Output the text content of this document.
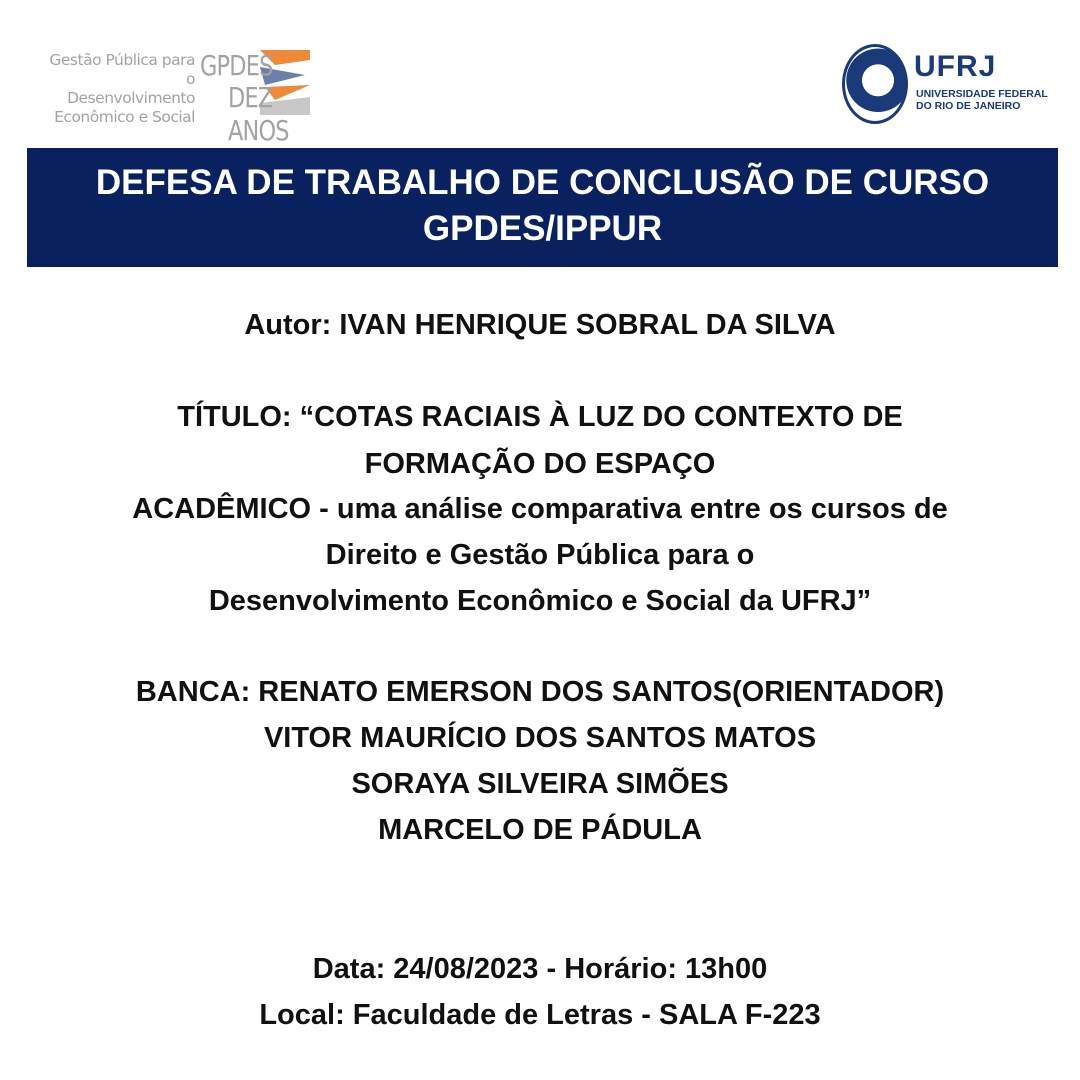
Gestão Pública para o
Desenvolvimento
Econômico e Social
GPDES
DEZ ANOS
UFRJ
UNIVERSIDADE FEDERAL
DO RIO DE JANEIRO
DEFESA DE TRABALHO DE CONCLUSÃO DE CURSO
GPDES/IPPUR
Autor: IVAN HENRIQUE SOBRAL DA SILVA
TÍTULO: “COTAS RACIAIS À LUZ DO CONTEXTO DE
FORMAÇÃO DO ESPAÇO
ACADÊMICO - uma análise comparativa entre os cursos de
Direito e Gestão Pública para o
Desenvolvimento Econômico e Social da UFRJ”
BANCA: RENATO EMERSON DOS SANTOS(ORIENTADOR)
VITOR MAURÍCIO DOS SANTOS MATOS
SORAYA SILVEIRA SIMÕES
MARCELO DE PÁDULA
Data: 24/08/2023 - Horário: 13h00
Local: Faculdade de Letras - SALA F-223
